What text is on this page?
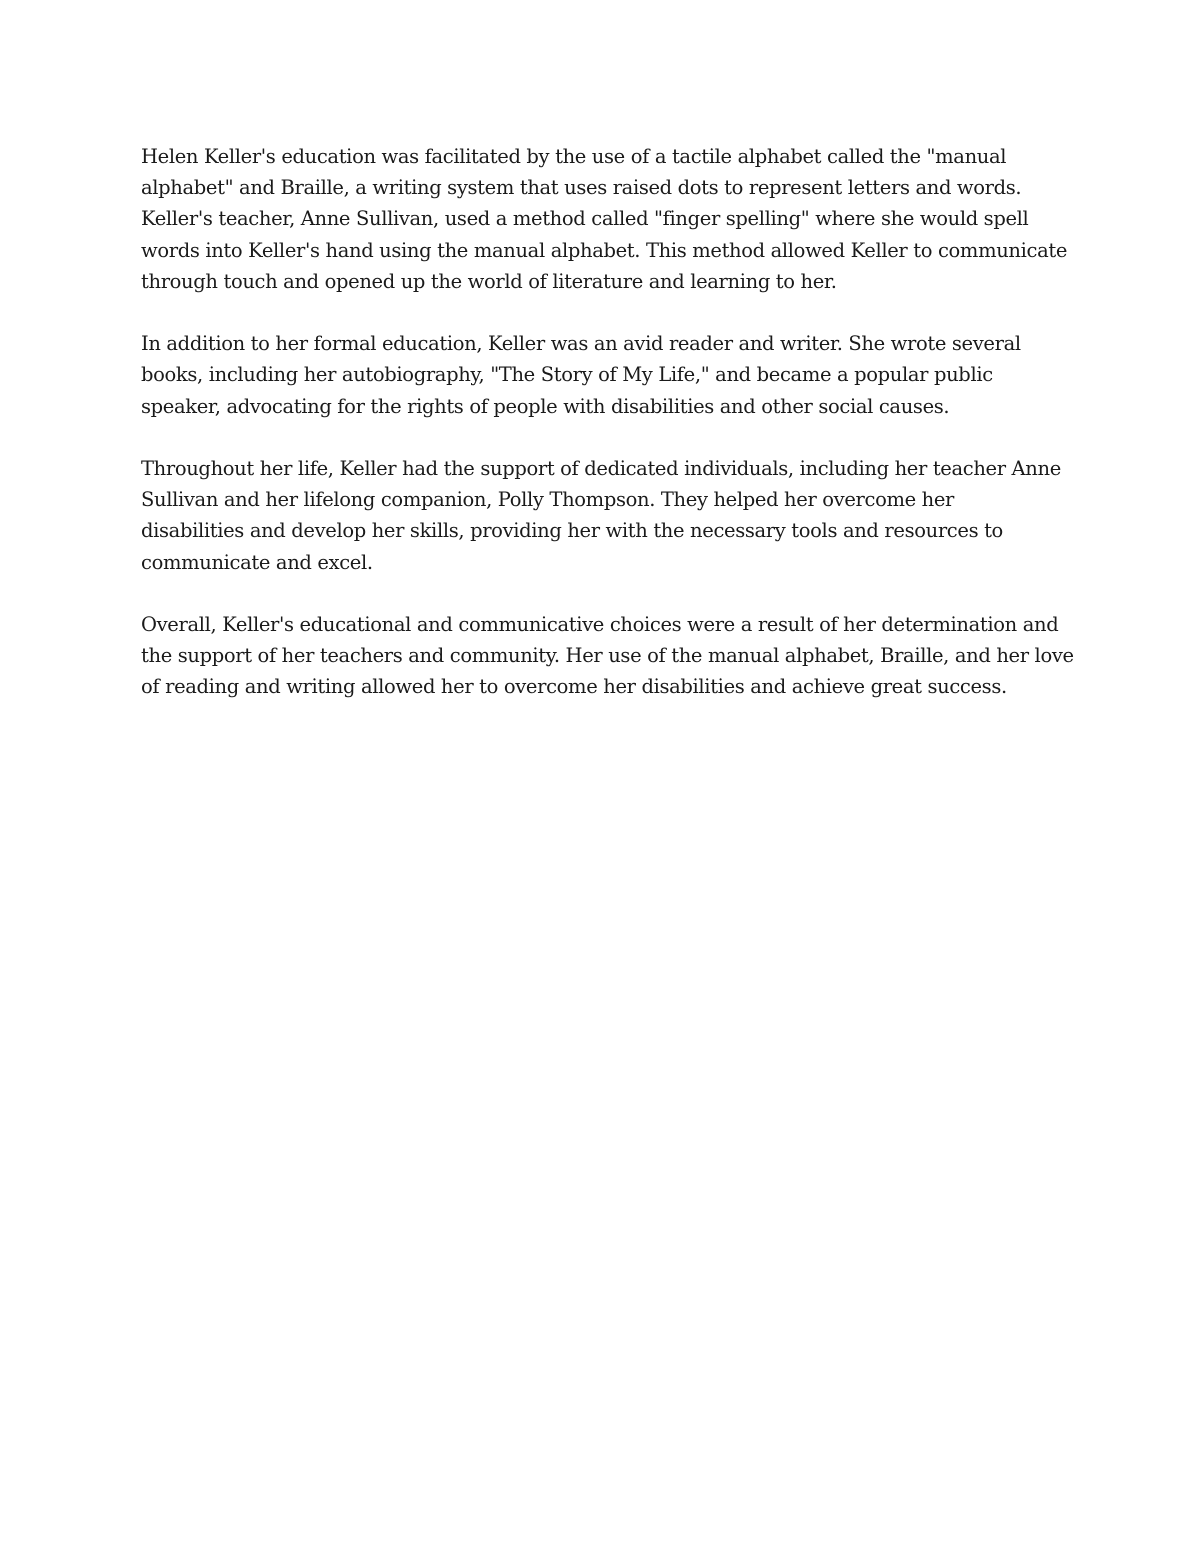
Helen Keller's education was facilitated by the use of a tactile alphabet called the "manual
alphabet" and Braille, a writing system that uses raised dots to represent letters and words.
Keller's teacher, Anne Sullivan, used a method called "finger spelling" where she would spell
words into Keller's hand using the manual alphabet. This method allowed Keller to communicate
through touch and opened up the world of literature and learning to her.

In addition to her formal education, Keller was an avid reader and writer. She wrote several
books, including her autobiography, "The Story of My Life," and became a popular public
speaker, advocating for the rights of people with disabilities and other social causes.

Throughout her life, Keller had the support of dedicated individuals, including her teacher Anne
Sullivan and her lifelong companion, Polly Thompson. They helped her overcome her
disabilities and develop her skills, providing her with the necessary tools and resources to
communicate and excel.

Overall, Keller's educational and communicative choices were a result of her determination and
the support of her teachers and community. Her use of the manual alphabet, Braille, and her love
of reading and writing allowed her to overcome her disabilities and achieve great success.
